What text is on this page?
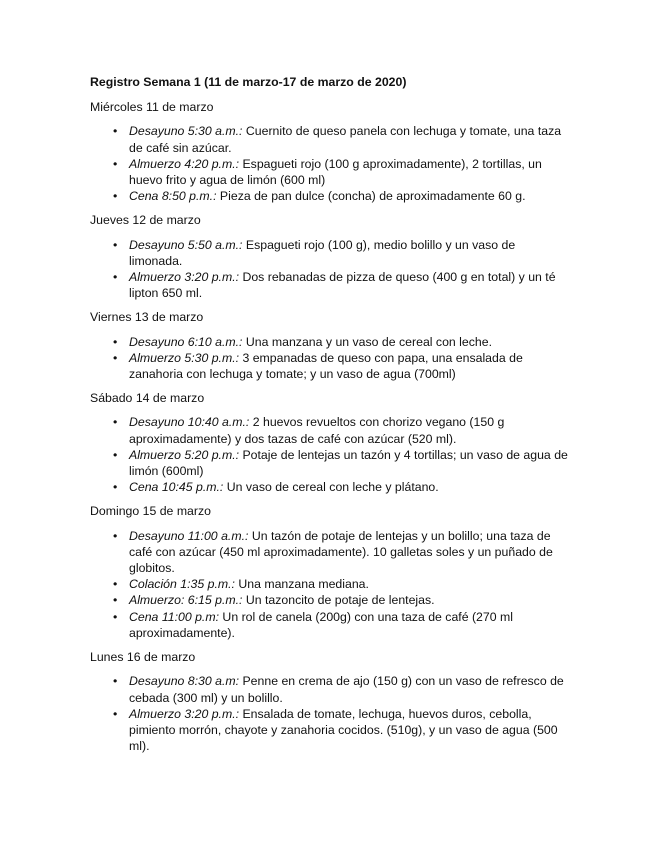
Registro Semana 1 (11 de marzo-17 de marzo de 2020)
Miércoles 11 de marzo
• Desayuno 5:30 a.m.: Cuernito de queso panela con lechuga y tomate, una taza de café sin azúcar.
• Almuerzo 4:20 p.m.: Espagueti rojo (100 g aproximadamente), 2 tortillas, un huevo frito y agua de limón (600 ml)
• Cena 8:50 p.m.: Pieza de pan dulce (concha) de aproximadamente 60 g.
Jueves 12 de marzo
• Desayuno 5:50 a.m.: Espagueti rojo (100 g), medio bolillo y un vaso de limonada.
• Almuerzo 3:20 p.m.: Dos rebanadas de pizza de queso (400 g en total) y un té lipton 650 ml.
Viernes 13 de marzo
• Desayuno 6:10 a.m.: Una manzana y un vaso de cereal con leche.
• Almuerzo 5:30 p.m.: 3 empanadas de queso con papa, una ensalada de zanahoria con lechuga y tomate; y un vaso de agua (700ml)
Sábado 14 de marzo
• Desayuno 10:40 a.m.: 2 huevos revueltos con chorizo vegano (150 g aproximadamente) y dos tazas de café con azúcar (520 ml).
• Almuerzo 5:20 p.m.: Potaje de lentejas un tazón y 4 tortillas; un vaso de agua de limón (600ml)
• Cena 10:45 p.m.: Un vaso de cereal con leche y plátano.
Domingo 15 de marzo
• Desayuno 11:00 a.m.: Un tazón de potaje de lentejas y un bolillo; una taza de café con azúcar (450 ml aproximadamente). 10 galletas soles y un puñado de globitos.
• Colación 1:35 p.m.: Una manzana mediana.
• Almuerzo: 6:15 p.m.: Un tazoncito de potaje de lentejas.
• Cena 11:00 p.m: Un rol de canela (200g) con una taza de café (270 ml aproximadamente).
Lunes 16 de marzo
• Desayuno 8:30 a.m: Penne en crema de ajo (150 g) con un vaso de refresco de cebada (300 ml) y un bolillo.
• Almuerzo 3:20 p.m.: Ensalada de tomate, lechuga, huevos duros, cebolla, pimiento morrón, chayote y zanahoria cocidos. (510g), y un vaso de agua (500 ml).
